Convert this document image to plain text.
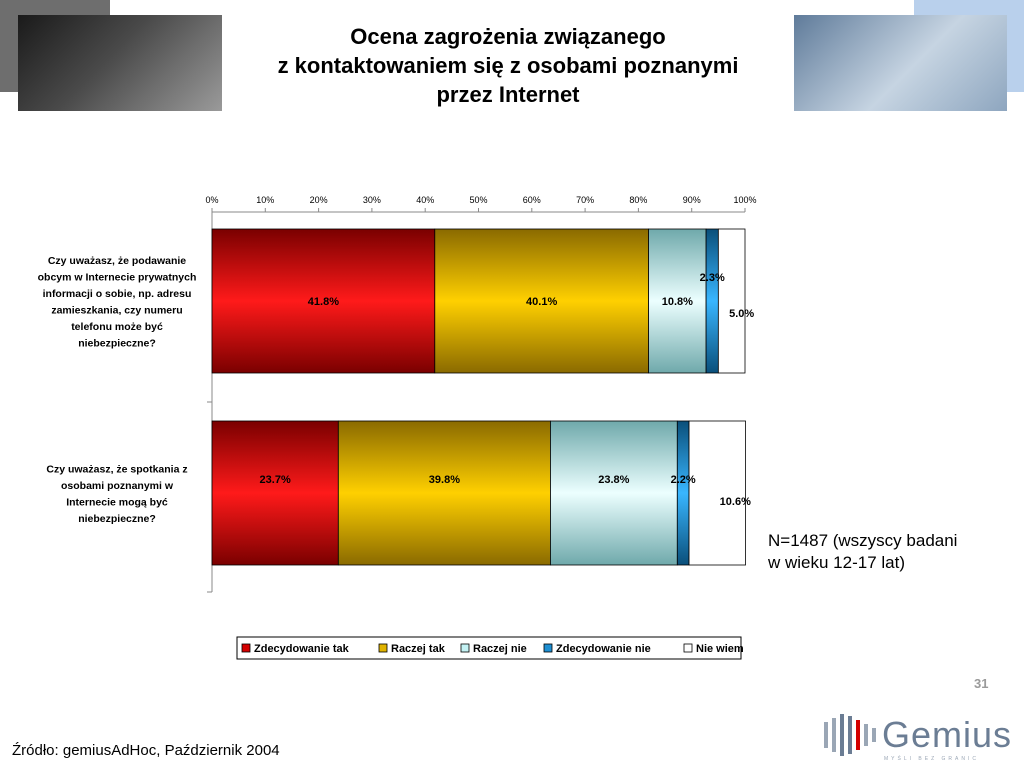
Ocena zagrożenia związanego
z kontaktowaniem się z osobami poznanymi
przez Internet
0%	10%	20%	30%	40%	50%	60%	70%	80%	90%	100%
Czy uważasz, że podawanie
obcym w Internecie prywatnych
informacji o sobie, np. adresu
zamieszkania, czy numeru
telefonu może być
niebezpieczne?
41.8%	40.1%	10.8%
2.3%
5.0%
Czy uważasz, że spotkania z
osobami poznanymi w
Internecie mogą być
niebezpieczne?
23.7%	39.8%	23.8%	2.2%
10.6%
Zdecydowanie tak	Raczej tak	Raczej nie	Zdecydowanie nie	Nie wiem
N=1487 (wszyscy badani
w wieku 12-17 lat)
31
Źródło: gemiusAdHoc, Październik 2004	Gemius
MYŚLI BEZ GRANIC
